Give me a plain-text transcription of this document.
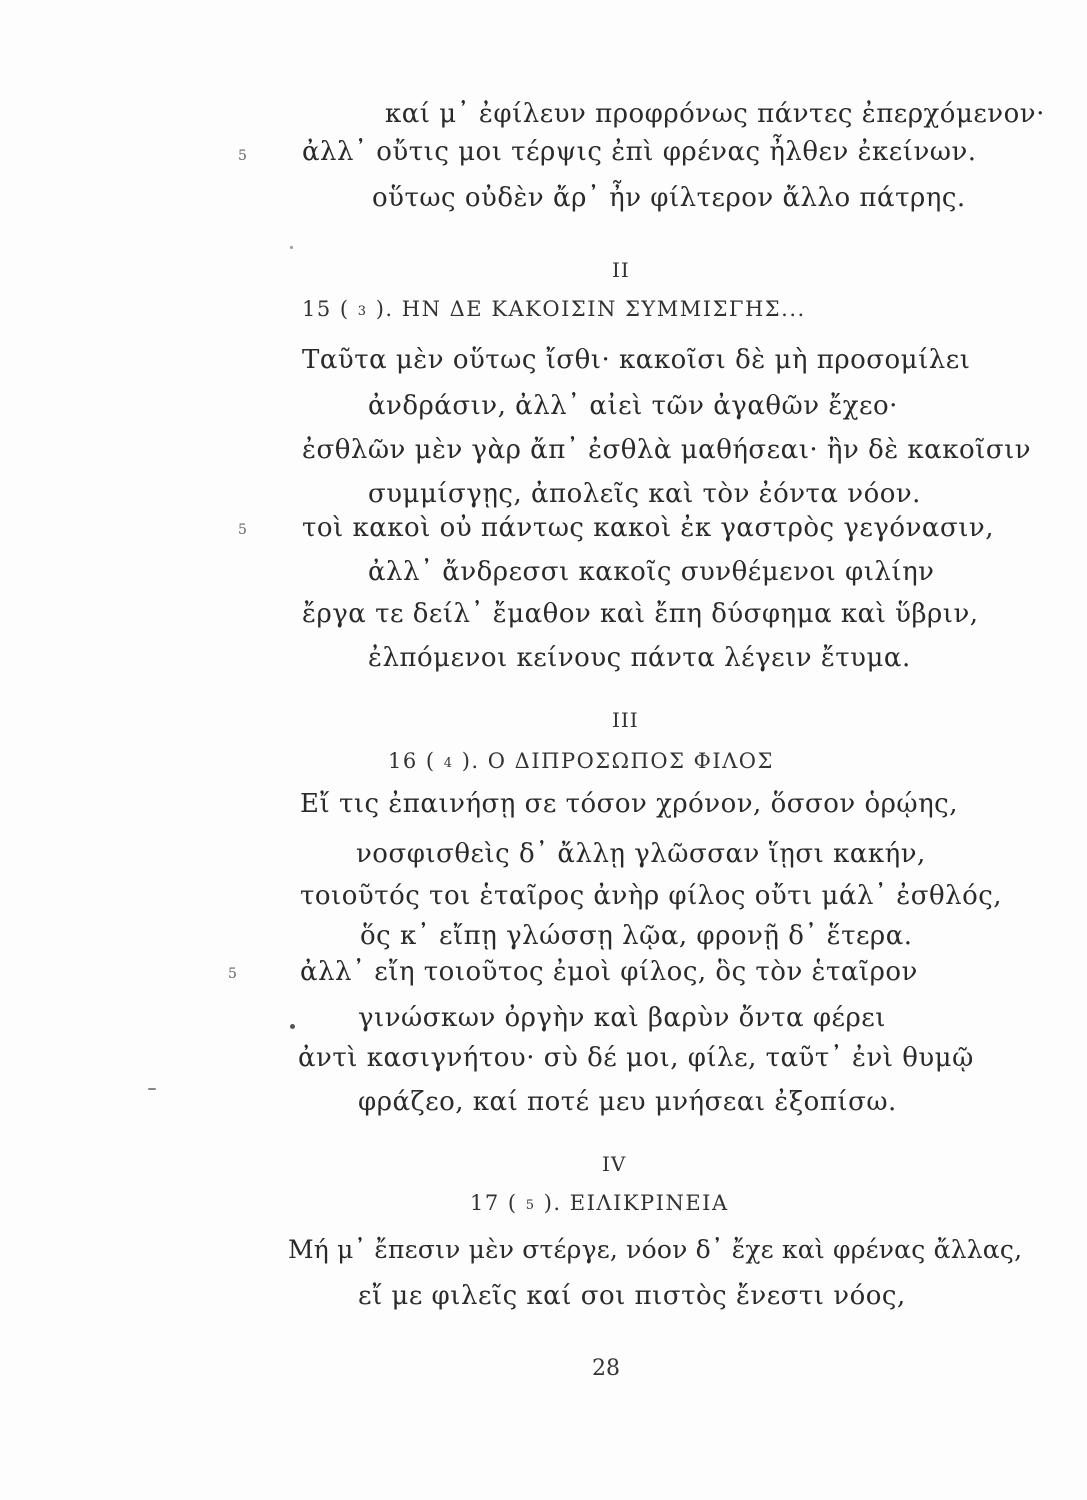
καί μ᾽ ἐφίλευν προφρόνως πάντες ἐπερχόμενον·
5 ἀλλ᾽ οὔτις μοι τέρψις ἐπὶ φρένας ἦλθεν ἐκείνων.
οὕτως οὐδὲν ἄρ᾽ ἦν φίλτερον ἄλλο πάτρης.
II
15 ( 3 ). ΗΝ ΔΕ ΚΑΚΟΙΣΙΝ ΣΥΜΜΙΣΓΗΣ...
Ταῦτα μὲν οὕτως ἴσθι· κακοῖσι δὲ μὴ προσομίλει
ἀνδράσιν, ἀλλ᾽ αἰεὶ τῶν ἀγαθῶν ἔχεο·
ἐσθλῶν μὲν γὰρ ἄπ᾽ ἐσθλὰ μαθήσεαι· ἢν δὲ κακοῖσιν
συμμίσγῃς, ἀπολεῖς καὶ τὸν ἐόντα νόον.
5 τοὶ κακοὶ οὐ πάντως κακοὶ ἐκ γαστρὸς γεγόνασιν,
ἀλλ᾽ ἄνδρεσσι κακοῖς συνθέμενοι φιλίην
ἔργα τε δείλ᾽ ἔμαθον καὶ ἔπη δύσφημα καὶ ὕβριν,
ἐλπόμενοι κείνους πάντα λέγειν ἔτυμα.
III
16 ( 4 ). Ο ΔΙΠΡΟΣΩΠΟΣ ΦΙΛΟΣ
Εἴ τις ἐπαινήσῃ σε τόσον χρόνον, ὅσσον ὁρῴης,
νοσφισθεὶς δ᾽ ἄλλῃ γλῶσσαν ἵῃσι κακήν,
τοιοῦτός τοι ἑταῖρος ἀνὴρ φίλος οὔτι μάλ᾽ ἐσθλός,
ὅς κ᾽ εἴπῃ γλώσσῃ λῷα, φρονῇ δ᾽ ἕτερα.
5 ἀλλ᾽ εἴη τοιοῦτος ἐμοὶ φίλος, ὃς τὸν ἑταῖρον
γινώσκων ὀργὴν καὶ βαρὺν ὄντα φέρει
ἀντὶ κασιγνήτου· σὺ δέ μοι, φίλε, ταῦτ᾽ ἐνὶ θυμῷ
φράζεο, καί ποτέ μευ μνήσεαι ἐξοπίσω.
IV
17 ( 5 ). ΕΙΛΙΚΡΙΝΕΙΑ
Μή μ᾽ ἔπεσιν μὲν στέργε, νόον δ᾽ ἔχε καὶ φρένας ἄλλας,
εἴ με φιλεῖς καί σοι πιστὸς ἔνεστι νόος,
28
